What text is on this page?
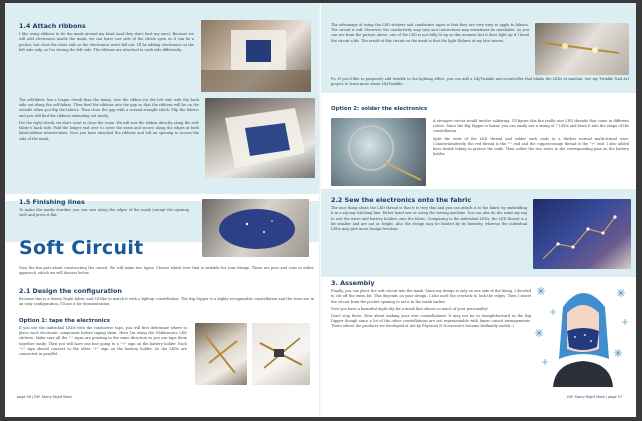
1.4 Attach ribbons

I like using ribbons to tie the mask around my head (and they don't hurt my ears). Because we will add electronics inside the mask, we can leave one side of the cheek open so it can be a pocket, but close the other side so the electronics won't fall out. I'll be adding electronics on the left side only, so I'm closing the left side. The ribbons are attached to each side differently.

The self-fabric has a longer cheek than the lining. Sew the ribbon for the left side with the back side out along the self-fabric. Then feed the ribbons into the gap so that the ribbons will be on the outside when you flip the fabrics. Then close the gap with a normal straight stitch. Flip the fabrics and you will find the ribbons extending out nicely.

For the right cheek, we don't want to close the seam. We will sew the ribbon directly along the self-fabric's back side. Fold the longer end over to cover the seam and secure along the edges at both fabric/ribbon intersections. Now you have attached the ribbons and left an opening to access the side of the mask.

1.5 Finishing lines

To make the masks sturdier, you can sew along the edges of the mask (except the opening end) and press it flat.

Soft Circuit

Now the fun part about constructing the circuit. We will make two types. Choose which ever that is suitable for your design. There are pros and cons in either approach, which we will discuss below.

2.1 Design the configuration

Because this is a Starry Night fabric and I'd like to match it with a lightup constellation. The Big Dipper is a highly recognizable constellation and the stars are in an easy configuration, I'll use it for demonstration.

Option 1: tape the electronics

If you use the individual LEDs with the conductive tape, you will first determine where to place each electronic component before taping them. Here I'm using the Chibitronics LED stickers. Make sure all the "-" signs are pointing in the same direction so you can tape them together easily. Then you will have one line going to a "+" sign on the battery holder. Each "+" sign should connect to the other "+" sign on the battery holder. So the LEDs are connected in parallel.

page 56 | DIY: Starry Night Mask

The advantage of using the LED stickers and conductive tapes is that they are very easy to apply to fabrics. The circuit is soft. However, the conductivity may vary and connections may sometimes be unreliable. As you can see from the picture above, one of the LED is not fully lit up as this moment but it does light up if I bend the circuit a bit. The result of this circuit on the mask is that the light flickers at my face moves.

P.s. If you'd like to purposely add twinkle to the lighting effect, you can add a LilyTwinkle microcontroller that blinks the LEDs at random. See my Twinkle Nail Art project to learn more about LilyTwinkle.

Option 2: solder the electronics

A stronger circuit would involve soldering. I'll figure this fun really nice LED threads that come in different colors. Since the Big Dipper is linear, you can easily use a string of 7 LEDs and bend it into the shape of the constellation.

Split the ends of the LED thread and solder each ends to a thicker normal multi-strand wire. Counterintuitively, the red thread is the "-" end and the copper/orange thread is the "+" end. I also added heat shrink tubing to protect the ends. Then solder the two wires to the corresponding pins on the battery holder.

2.2 Sew the electronics onto the fabric

The nice thing about the LED thread is that it is very thin and you can attach it to the fabric by embedding it in a zig-zag stitching line. Either hand sew or using the sewing machine. You can also do the same zig-zag to sew the wires and battery holders onto the fabric. Comparing to the individual LEDs, the LED thread is a bit smaller and are not as bright. Also the design may be limited by its linearity, whereas the individual LEDs may give more design freedom.

3. Assembly

Finally, you can place the soft circuit into the mask. Since my design is only on one side of the lining, I decided to cut off the extra bit. This depends on your design. I also used the overlock to lock the edges. Then I insert the circuit from the pocket opening to set it in the mask earlier.

Now you have a beautiful night sky for a mask that shines so much of your personality!

Don't stop there. How about making your own constellations! It may not be so straightforward as the Big Dipper though since a lot of the other constellations are not representable with linear circuit arrangements. That's where the products we developed at Art by Physicist N Novaceeti's become brilliantly useful :)

DIY: Starry Night Mask | page 57
